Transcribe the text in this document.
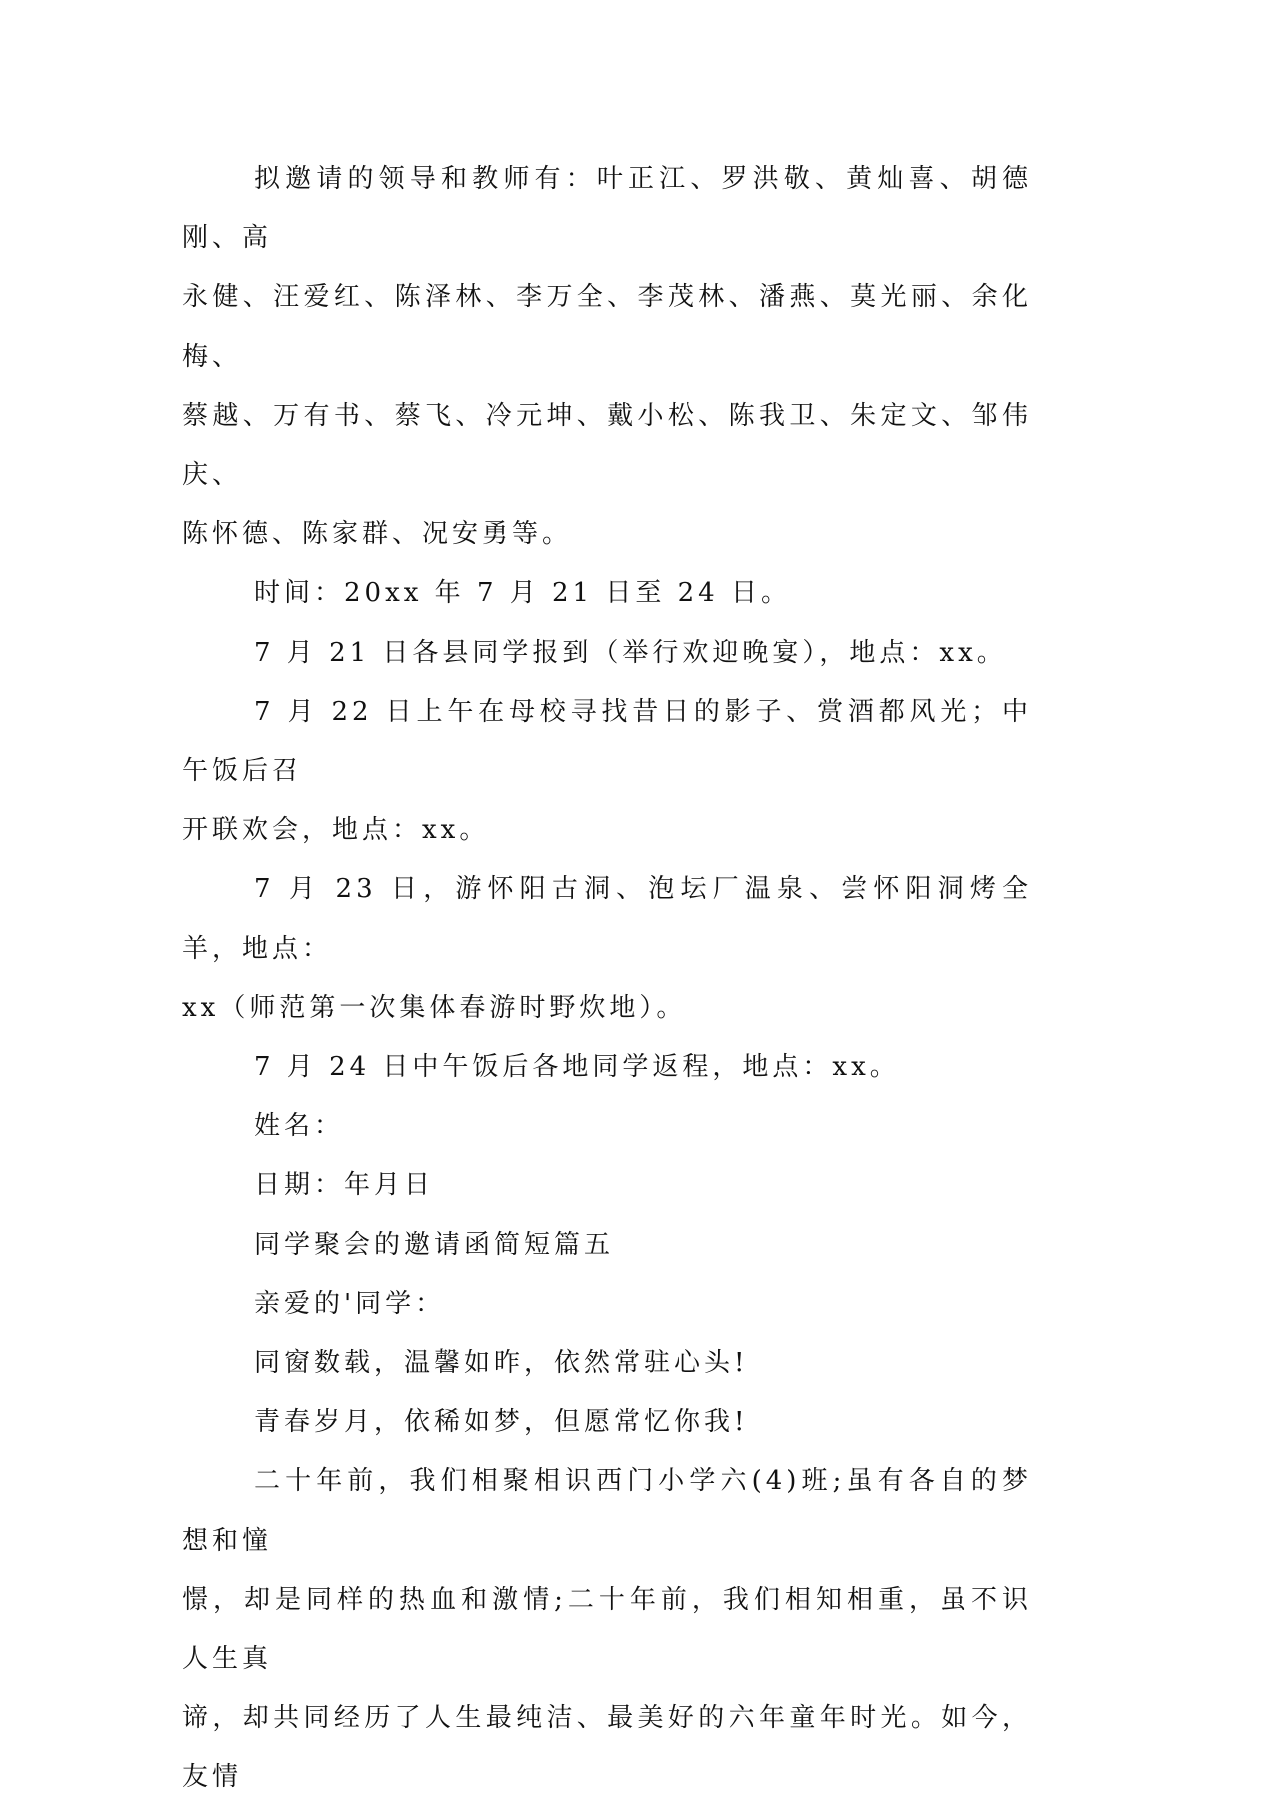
拟邀请的领导和教师有：叶正江、罗洪敬、黄灿喜、胡德刚、高
永健、汪爱红、陈泽林、李万全、李茂林、潘燕、莫光丽、余化梅、
蔡越、万有书、蔡飞、冷元坤、戴小松、陈我卫、朱定文、邹伟庆、
陈怀德、陈家群、况安勇等。

时间：20xx 年 7 月 21 日至 24 日。

7 月 21 日各县同学报到（举行欢迎晚宴），地点：xx。

7 月 22 日上午在母校寻找昔日的影子、赏酒都风光；中午饭后召
开联欢会，地点：xx。

7 月 23 日，游怀阳古洞、泡坛厂温泉、尝怀阳洞烤全羊，地点：
xx（师范第一次集体春游时野炊地）。

7 月 24 日中午饭后各地同学返程，地点：xx。

姓名：

日期：年月日

同学聚会的邀请函简短篇五

亲爱的'同学：

同窗数载，温馨如昨，依然常驻心头!

青春岁月，依稀如梦，但愿常忆你我!

二十年前，我们相聚相识西门小学六(4)班;虽有各自的梦想和憧
憬，却是同样的热血和激情;二十年前，我们相知相重，虽不识人生真
谛，却共同经历了人生最纯洁、最美好的六年童年时光。如今，友情
